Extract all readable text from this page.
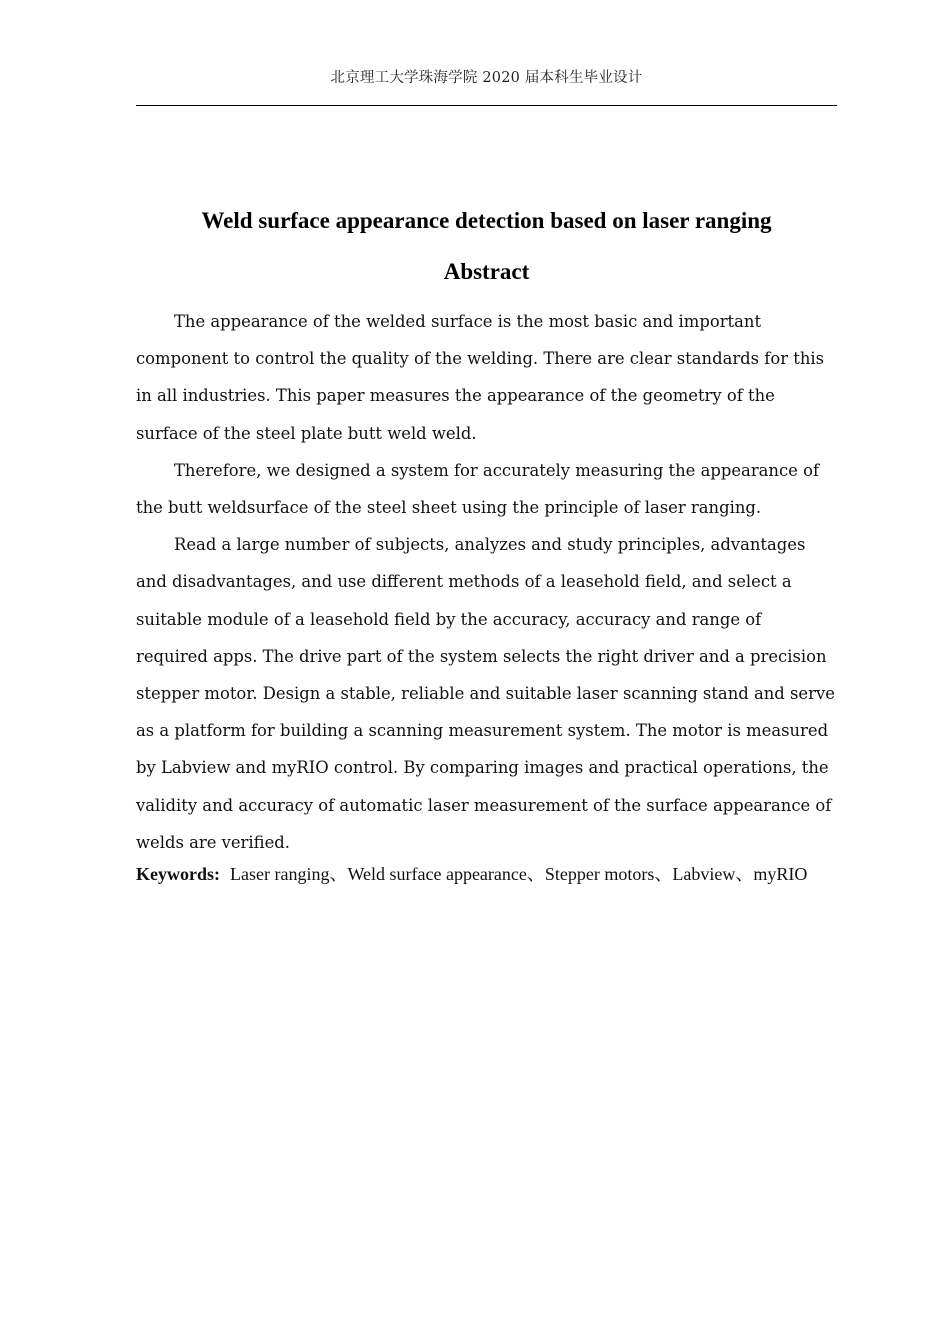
北京理工大学珠海学院 2020 届本科生毕业设计
Weld surface appearance detection based on laser ranging
Abstract

The appearance of the welded surface is the most basic and important component to control the quality of the welding. There are clear standards for this in all industries. This paper measures the appearance of the geometry of the surface of the steel plate butt weld weld.

Therefore, we designed a system for accurately measuring the appearance of the butt weldsurface of the steel sheet using the principle of laser ranging.

Read a large number of subjects, analyzes and study principles, advantages and disadvantages, and use different methods of a leasehold field, and select a suitable module of a leasehold field by the accuracy, accuracy and range of required apps. The drive part of the system selects the right driver and a precision stepper motor. Design a stable, reliable and suitable laser scanning stand and serve as a platform for building a scanning measurement system. The motor is measured by Labview and myRIO control. By comparing images and practical operations, the validity and accuracy of automatic laser measurement of the surface appearance of welds are verified.

Keywords: Laser ranging、Weld surface appearance、Stepper motors、Labview、myRIO
